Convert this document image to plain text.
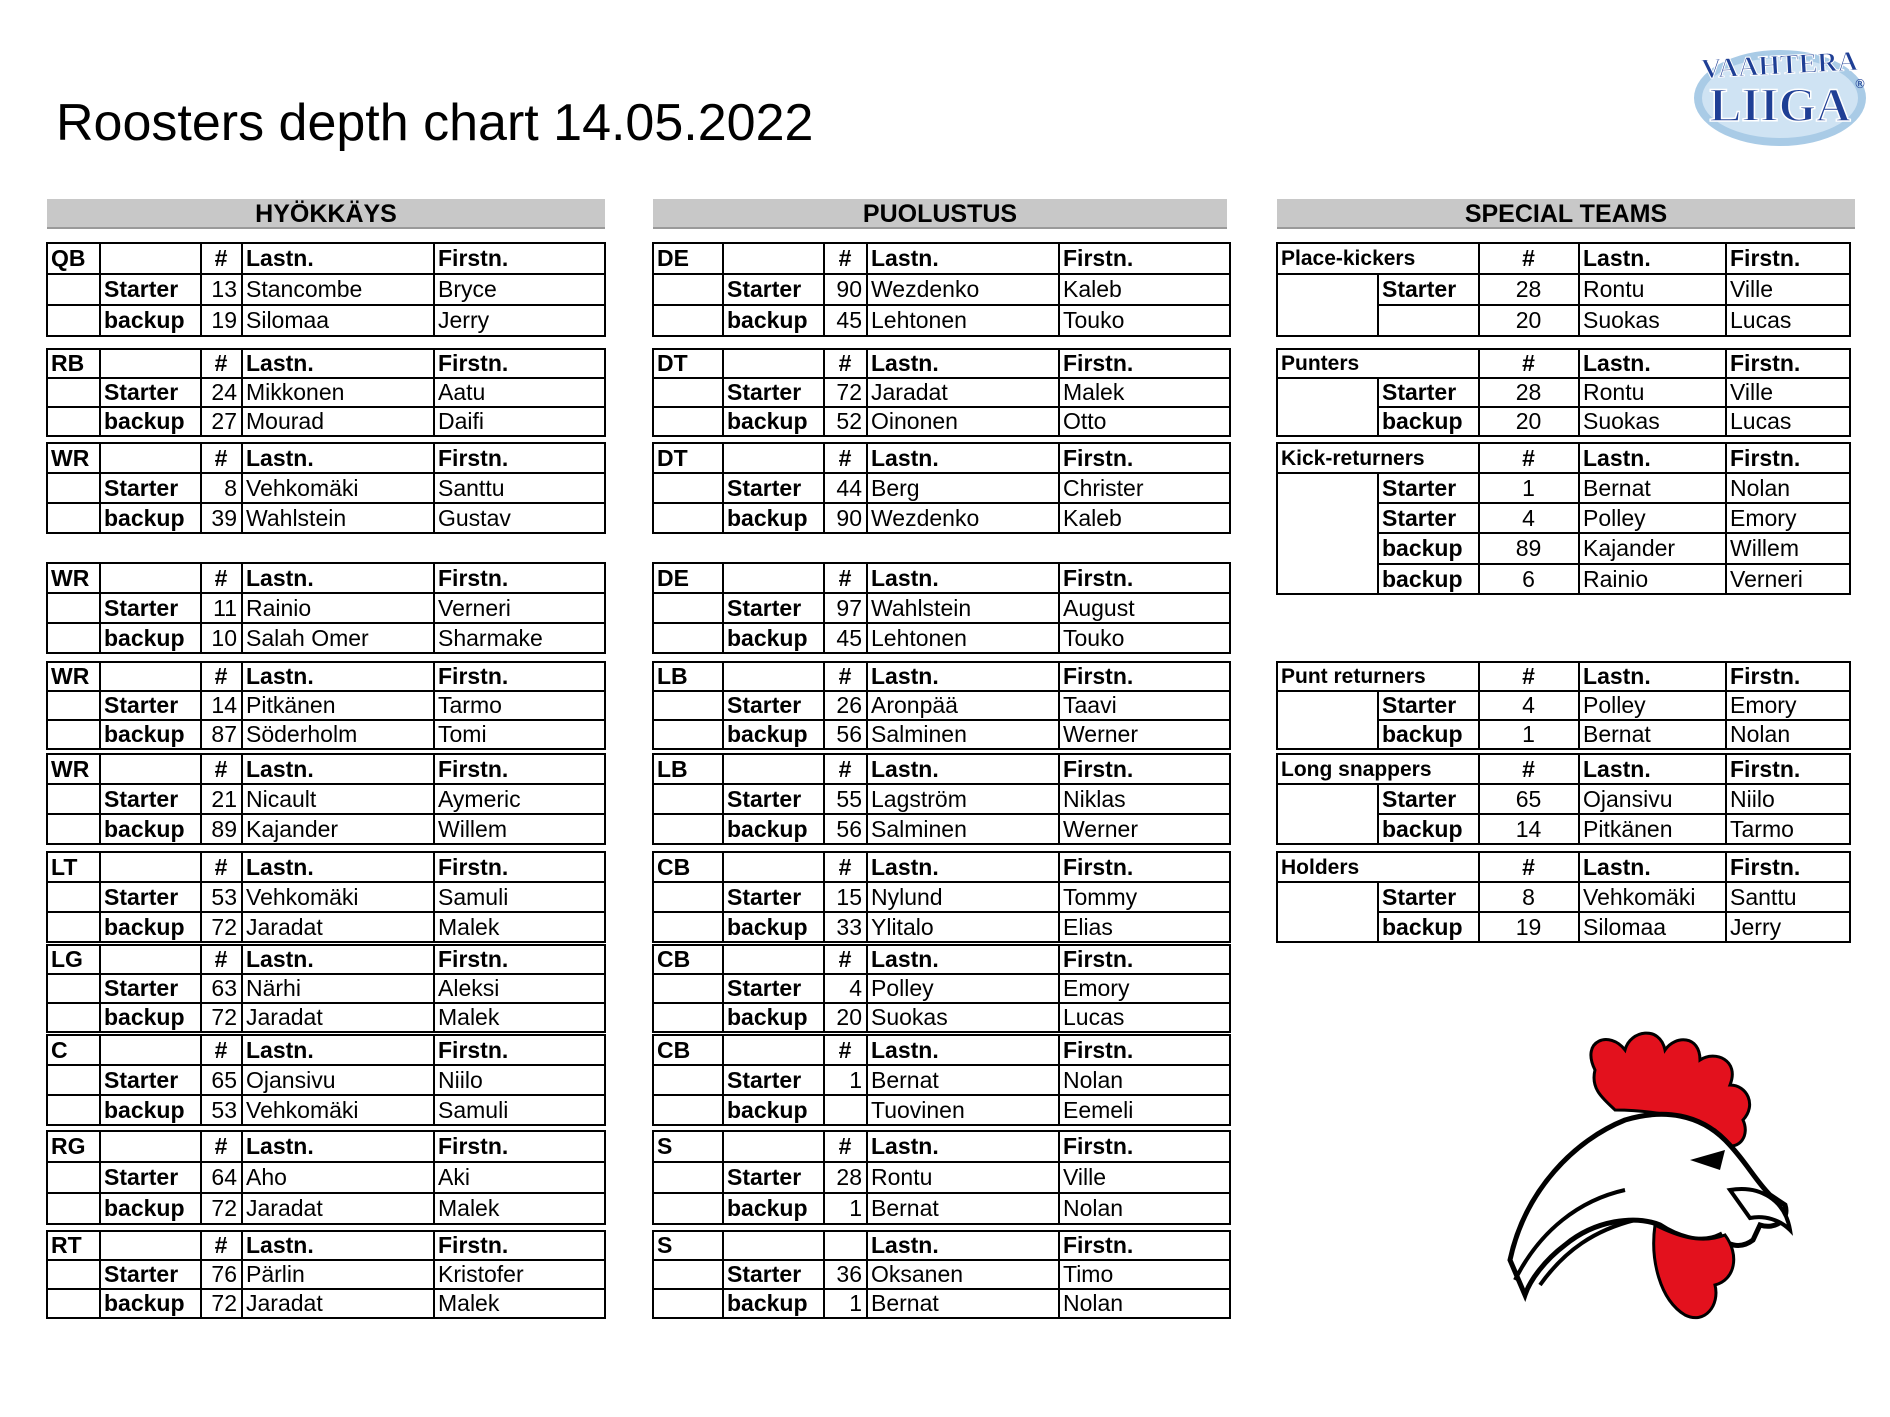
Roosters depth chart 14.05.2022
VAAHTERA
LIIGA ®
HYÖKKÄYS	PUOLUSTUS	SPECIAL TEAMS
QB		#	Lastn.	Firstn.
	Starter	13	Stancombe	Bryce
	backup	19	Silomaa	Jerry
RB		#	Lastn.	Firstn.
	Starter	24	Mikkonen	Aatu
	backup	27	Mourad	Daifi
WR		#	Lastn.	Firstn.
	Starter	8	Vehkomäki	Santtu
	backup	39	Wahlstein	Gustav
WR		#	Lastn.	Firstn.
	Starter	11	Rainio	Verneri
	backup	10	Salah Omer	Sharmake
WR		#	Lastn.	Firstn.
	Starter	14	Pitkänen	Tarmo
	backup	87	Söderholm	Tomi
WR		#	Lastn.	Firstn.
	Starter	21	Nicault	Aymeric
	backup	89	Kajander	Willem
LT		#	Lastn.	Firstn.
	Starter	53	Vehkomäki	Samuli
	backup	72	Jaradat	Malek
LG		#	Lastn.	Firstn.
	Starter	63	Närhi	Aleksi
	backup	72	Jaradat	Malek
C		#	Lastn.	Firstn.
	Starter	65	Ojansivu	Niilo
	backup	53	Vehkomäki	Samuli
RG		#	Lastn.	Firstn.
	Starter	64	Aho	Aki
	backup	72	Jaradat	Malek
RT		#	Lastn.	Firstn.
	Starter	76	Pärlin	Kristofer
	backup	72	Jaradat	Malek
DE		#	Lastn.	Firstn.
	Starter	90	Wezdenko	Kaleb
	backup	45	Lehtonen	Touko
DT		#	Lastn.	Firstn.
	Starter	72	Jaradat	Malek
	backup	52	Oinonen	Otto
DT		#	Lastn.	Firstn.
	Starter	44	Berg	Christer
	backup	90	Wezdenko	Kaleb
DE		#	Lastn.	Firstn.
	Starter	97	Wahlstein	August
	backup	45	Lehtonen	Touko
LB		#	Lastn.	Firstn.
	Starter	26	Aronpää	Taavi
	backup	56	Salminen	Werner
LB		#	Lastn.	Firstn.
	Starter	55	Lagström	Niklas
	backup	56	Salminen	Werner
CB		#	Lastn.	Firstn.
	Starter	15	Nylund	Tommy
	backup	33	Ylitalo	Elias
CB		#	Lastn.	Firstn.
	Starter	4	Polley	Emory
	backup	20	Suokas	Lucas
CB		#	Lastn.	Firstn.
	Starter	1	Bernat	Nolan
	backup		Tuovinen	Eemeli
S		#	Lastn.	Firstn.
	Starter	28	Rontu	Ville
	backup	1	Bernat	Nolan
S			Lastn.	Firstn.
	Starter	36	Oksanen	Timo
	backup	1	Bernat	Nolan
Place-kickers		#	Lastn.	Firstn.
	Starter	28	Rontu	Ville
		20	Suokas	Lucas
Punters		#	Lastn.	Firstn.
	Starter	28	Rontu	Ville
	backup	20	Suokas	Lucas
Kick-returners		#	Lastn.	Firstn.
	Starter	1	Bernat	Nolan
	Starter	4	Polley	Emory
	backup	89	Kajander	Willem
	backup	6	Rainio	Verneri
Punt returners		#	Lastn.	Firstn.
	Starter	4	Polley	Emory
	backup	1	Bernat	Nolan
Long snappers		#	Lastn.	Firstn.
	Starter	65	Ojansivu	Niilo
	backup	14	Pitkänen	Tarmo
Holders		#	Lastn.	Firstn.
	Starter	8	Vehkomäki	Santtu
	backup	19	Silomaa	Jerry
